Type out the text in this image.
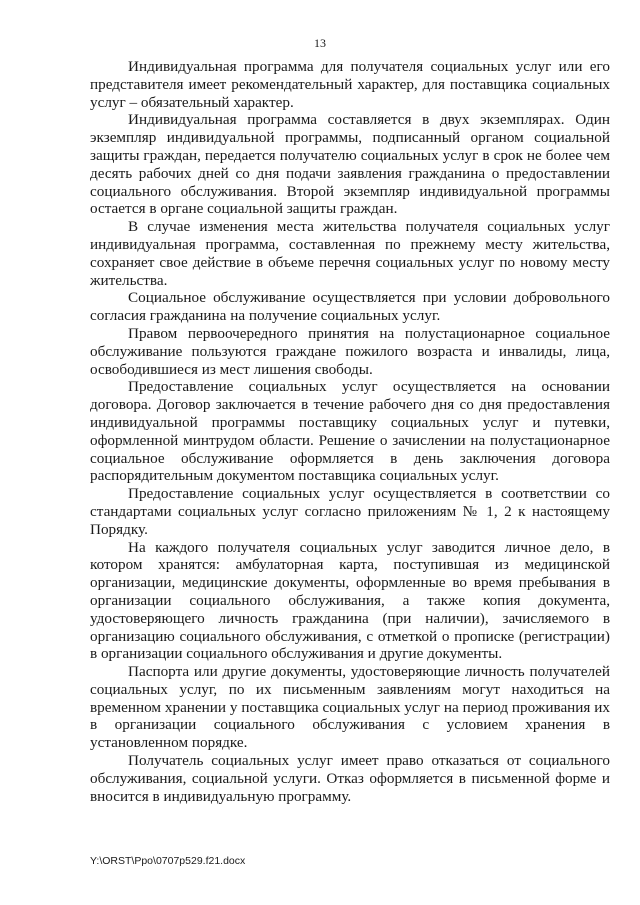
13

Индивидуальная программа для получателя социальных услуг или его представителя имеет рекомендательный характер, для поставщика социальных услуг – обязательный характер.

Индивидуальная программа составляется в двух экземплярах. Один экземпляр индивидуальной программы, подписанный органом социальной защиты граждан, передается получателю социальных услуг в срок не более чем десять рабочих дней со дня подачи заявления гражданина о предоставлении социального обслуживания. Второй экземпляр индивидуальной программы остается в органе социальной защиты граждан.

В случае изменения места жительства получателя социальных услуг индивидуальная программа, составленная по прежнему месту жительства, сохраняет свое действие в объеме перечня социальных услуг по новому месту жительства.

Социальное обслуживание осуществляется при условии добровольного согласия гражданина на получение социальных услуг.

Правом первоочередного принятия на полустационарное социальное обслуживание пользуются граждане пожилого возраста и инвалиды, лица, освободившиеся из мест лишения свободы.

Предоставление социальных услуг осуществляется на основании договора. Договор заключается в течение рабочего дня со дня предоставления индивидуальной программы поставщику социальных услуг и путевки, оформленной минтрудом области. Решение о зачислении на полустационарное социальное обслуживание оформляется в день заключения договора распорядительным документом поставщика социальных услуг.

Предоставление социальных услуг осуществляется в соответствии со стандартами социальных услуг согласно приложениям № 1, 2 к настоящему Порядку.

На каждого получателя социальных услуг заводится личное дело, в котором хранятся: амбулаторная карта, поступившая из медицинской организации, медицинские документы, оформленные во время пребывания в организации социального обслуживания, а также копия документа, удостоверяющего личность гражданина (при наличии), зачисляемого в организацию социального обслуживания, с отметкой о прописке (регистрации) в организации социального обслуживания и другие документы.

Паспорта или другие документы, удостоверяющие личность получателей социальных услуг, по их письменным заявлениям могут находиться на временном хранении у поставщика социальных услуг на период проживания их в организации социального обслуживания с условием хранения в установленном порядке.

Получатель социальных услуг имеет право отказаться от социального обслуживания, социальной услуги. Отказ оформляется в письменной форме и вносится в индивидуальную программу.

Y:\ORST\Ppo\0707p529.f21.docx
